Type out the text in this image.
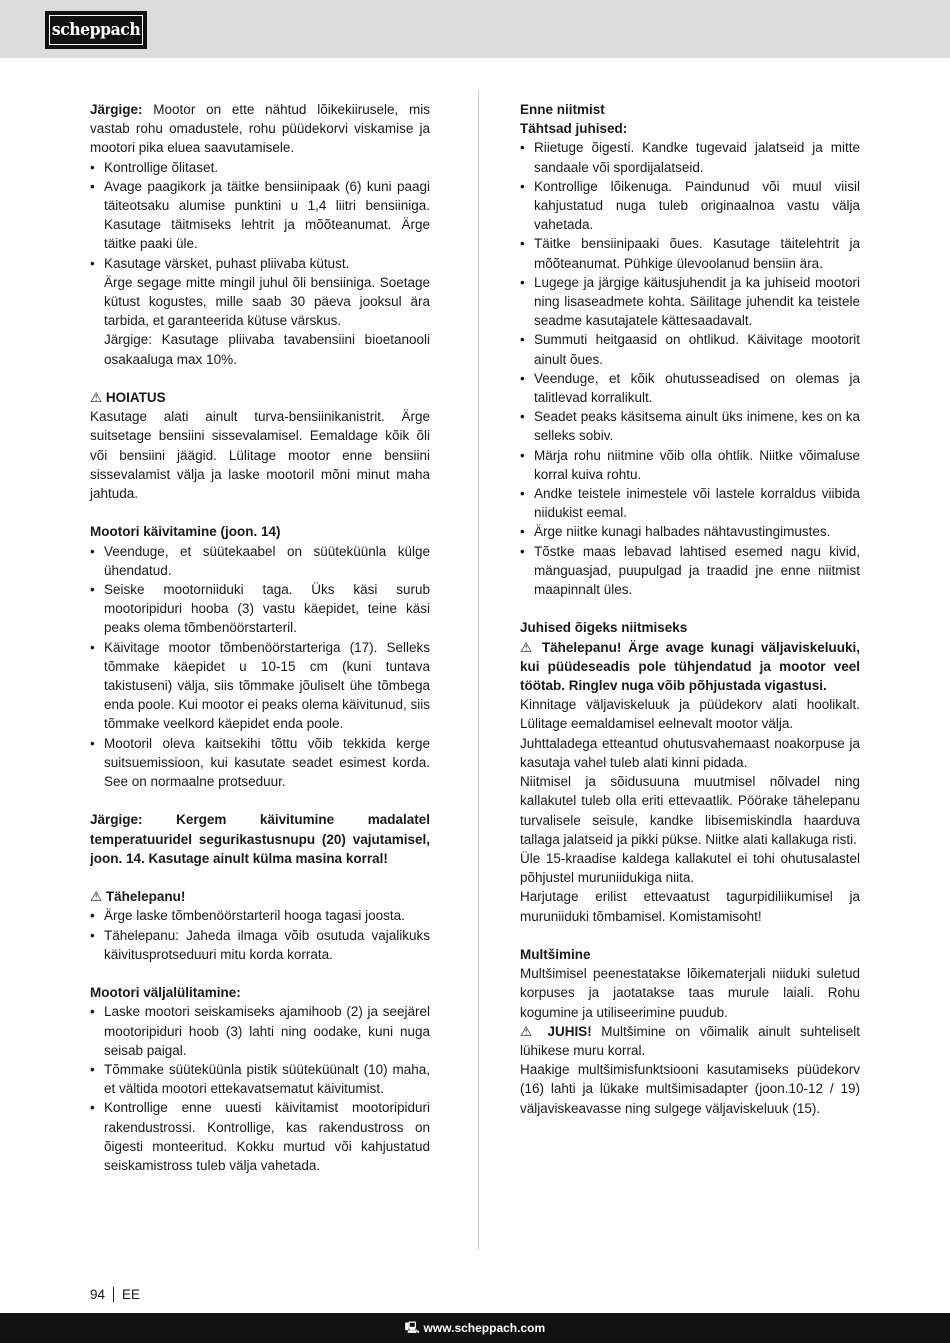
scheppach

Järgige: Mootor on ette nähtud lõikekiirusele, mis vastab rohu omadustele, rohu püüdekorvi viskamise ja mootori pika eluea saavutamisele.

• Kontrollige õlitaset.
• Avage paagikork ja täitke bensiinipaak (6) kuni paagi täiteotsaku alumise punktini u 1,4 liitri bensiiniga. Kasutage täitmiseks lehtrit ja mõõteanumat. Ärge täitke paaki üle.
• Kasutage värsket, puhast pliivaba kütust.

Ärge segage mitte mingil juhul õli bensiiniga. Soetage kütust kogustes, mille saab 30 päeva jooksul ära tarbida, et garanteerida kütuse värskus.

Järgige: Kasutage pliivaba tavabensiini bioetanooli osakaaluga max 10%.

⚠ HOIATUS

Kasutage alati ainult turva-bensiinikanistrit. Ärge suitsetage bensiini sissevalamisel. Eemaldage kõik õli või bensiini jäägid. Lülitage mootor enne bensiini sissevalamist välja ja laske mootoril mõni minut maha jahtuda.

Mootori käivitamine (joon. 14)

• Veenduge, et süütekaabel on süüteküünla külge ühendatud.
• Seiske mootorniiduki taga. Üks käsi surub mootoripiduri hooba (3) vastu käepidet, teine käsi peaks olema tõmbenöörstarteril.
• Käivitage mootor tõmbenöörstarteriga (17). Selleks tõmmake käepidet u 10-15 cm (kuni tuntava takistuseni) välja, siis tõmmake jõuliselt ühe tõmbega enda poole. Kui mootor ei peaks olema käivitunud, siis tõmmake veelkord käepidet enda poole.
• Mootoril oleva kaitsekihi tõttu võib tekkida kerge suitsuemissioon, kui kasutate seadet esimest korda. See on normaalne protseduur.

Järgige: Kergem käivitumine madalatel temperatuuridel segurikastusnupu (20) vajutamisel, joon. 14. Kasutage ainult külma masina korral!

⚠ Tähelepanu!

• Ärge laske tõmbenöörstarteril hooga tagasi joosta.
• Tähelepanu: Jaheda ilmaga võib osutuda vajalikuks käivitusprotseduuri mitu korda korrata.

Mootori väljalülitamine:

• Laske mootori seiskamiseks ajamihoob (2) ja seejärel mootoripiduri hoob (3) lahti ning oodake, kuni nuga seisab paigal.
• Tõmmake süüteküünla pistik süüteküünalt (10) maha, et vältida mootori ettekavatsematut käivitumist.
• Kontrollige enne uuesti käivitamist mootoripiduri rakendustrossi. Kontrollige, kas rakendustross on õigesti monteeritud. Kokku murtud või kahjustatud seiskamistross tuleb välja vahetada.

Enne niitmist

Tähtsad juhised:

• Riietuge õigesti. Kandke tugevaid jalatseid ja mitte sandaale või spordijalatseid.
• Kontrollige lõikenuga. Paindunud või muul viisil kahjustatud nuga tuleb originaalnoa vastu välja vahetada.
• Täitke bensiinipaaki õues. Kasutage täitelehtrit ja mõõteanumat. Pühkige ülevoolanud bensiin ära.
• Lugege ja järgige käitusjuhendit ja ka juhiseid mootori ning lisaseadmete kohta. Säilitage juhendit ka teistele seadme kasutajatele kättesaadavalt.
• Summuti heitgaasid on ohtlikud. Käivitage mootorit ainult õues.
• Veenduge, et kõik ohutusseadised on olemas ja talitlevad korralikult.
• Seadet peaks käsitsema ainult üks inimene, kes on ka selleks sobiv.
• Märja rohu niitmine võib olla ohtlik. Niitke võimaluse korral kuiva rohtu.
• Andke teistele inimestele või lastele korraldus viibida niidukist eemal.
• Ärge niitke kunagi halbades nähtavustingimustes.
• Tõstke maas lebavad lahtised esemed nagu kivid, mänguasjad, puupulgad ja traadid jne enne niitmist maapinnalt üles.

Juhised õigeks niitmiseks

⚠ Tähelepanu! Ärge avage kunagi väljaviskeluuki, kui püüdeseadis pole tühjendatud ja mootor veel töötab. Ringlev nuga võib põhjustada vigastusi.

Kinnitage väljaviskeluuk ja püüdekorv alati hoolikalt. Lülitage eemaldamisel eelnevalt mootor välja.

Juhttaladega etteantud ohutusvahemaast noakorpuse ja kasutaja vahel tuleb alati kinni pidada.

Niitmisel ja sõidusuuna muutmisel nõlvadel ning kallakutel tuleb olla eriti ettevaatlik. Pöörake tähelepanu turvalisele seisule, kandke libisemiskindla haarduva tallaga jalatseid ja pikki pükse. Niitke alati kallakuga risti.

Üle 15-kraadise kaldega kallakutel ei tohi ohutusalastel põhjustel muruniidukiga niita.

Harjutage erilist ettevaatust tagurpidiliikumisel ja muruniiduki tõmbamisel. Komistamisoht!

Multšimine

Multšimisel peenestatakse lõikematerjali niiduki suletud korpuses ja jaotatakse taas murule laiali. Rohu kogumine ja utiliseerimine puudub.

⚠ JUHIS! Multšimine on võimalik ainult suhteliselt lühikese muru korral.

Haakige multšimisfunktsiooni kasutamiseks püüdekorv (16) lahti ja lükake multšimisadapter (joon.10-12 / 19) väljaviskeavasse ning sulgege väljaviskeluuk (15).

94 EE
🖳 www.scheppach.com
